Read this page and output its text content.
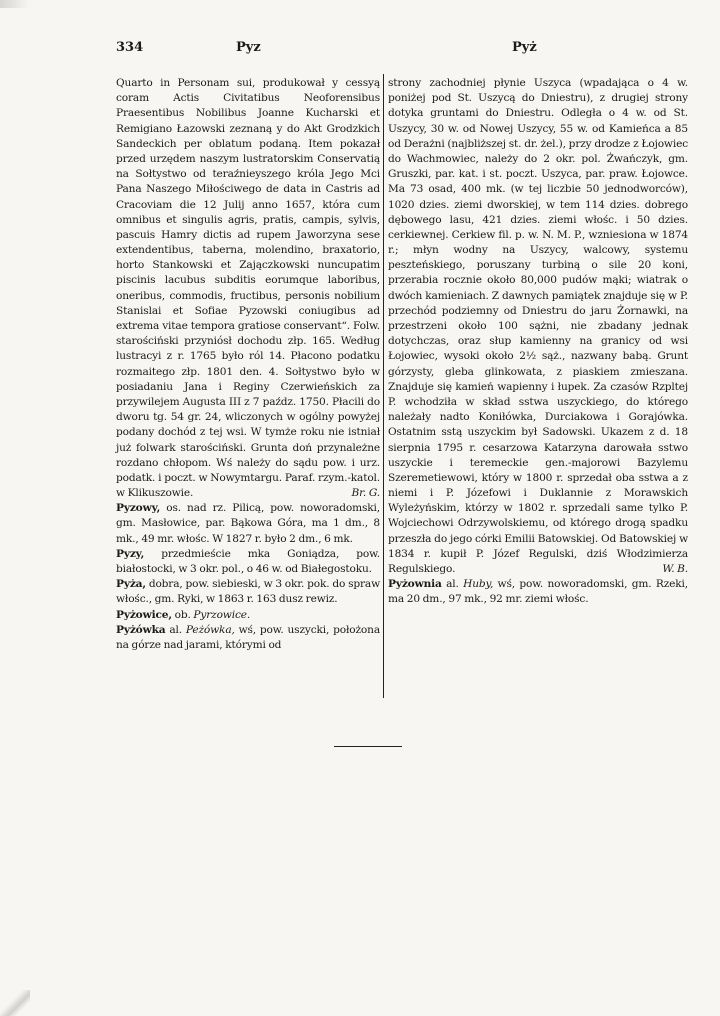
334	Pyz	Pyż

Quarto in Personam sui, produkował y cessyą coram Actis Civitatibus Neoforensibus Praesentibus Nobilibus Joanne Kucharski et Remigiano Łazowski zeznaną y do Akt Grodzkich Sandeckich per oblatum podaną. Item pokazał przed urzędem naszym lustratorskim Conservatią na Sołtystwo od teraźnieyszego króla Jego Mci Pana Naszego Miłościwego de data in Castris ad Cracoviam die 12 Julij anno 1657, która cum omnibus et singulis agris, pratis, campis, sylvis, pascuis Hamry dictis ad rupem Jaworzyna sese extendentibus, taberna, molendino, braxatorio, horto Stankowski et Zajączkowski nuncupatim piscinis lacubus subditis eorumque laboribus, oneribus, commodis, fructibus, personis nobilium Stanislai et Sofiae Pyzowski coniugibus ad extrema vitae tempora gratiose conservant“. Folw. starościński przyniósł dochodu złp. 165. Według lustracyi z r. 1765 było ról 14. Płacono podatku rozmaitego złp. 1801 den. 4. Sołtystwo było w posiadaniu Jana i Reginy Czerwieńskich za przywilejem Augusta III z 7 paźdz. 1750. Płacili do dworu tg. 54 gr. 24, wliczonych w ogólny powyżej podany dochód z tej wsi. W tymże roku nie istniał już folwark starościński. Grunta doń przynależne rozdano chłopom. Wś należy do sądu pow. i urz. podatk. i poczt. w Nowymtargu. Paraf. rzym.-katol. w Klikuszowie.	Br. G.

Pyzowy, os. nad rz. Pilicą, pow. noworadomski, gm. Masłowice, par. Bąkowa Góra, ma 1 dm., 8 mk., 49 mr. włośc. W 1827 r. było 2 dm., 6 mk.

Pyzy, przedmieście mka Goniądza, pow. białostocki, w 3 okr. pol., o 46 w. od Białegostoku.

Pyża, dobra, pow. siebieski, w 3 okr. pok. do spraw włośc., gm. Ryki, w 1863 r. 163 dusz rewiz.

Pyżowice, ob. Pyrzowice.

Pyżówka al. Peżówka, wś, pow. uszycki, położona na górze nad jarami, którymi od

strony zachodniej płynie Uszyca (wpadająca o 4 w. poniżej pod St. Uszycą do Dniestru), z drugiej strony dotyka gruntami do Dniestru. Odległa o 4 w. od St. Uszycy, 30 w. od Nowej Uszycy, 55 w. od Kamieńca a 85 od Derażni (najbliższej st. dr. żel.), przy drodze z Łojowiec do Wachmowiec, należy do 2 okr. pol. Żwańczyk, gm. Gruszki, par. kat. i st. poczt. Uszyca, par. praw. Łojowce. Ma 73 osad, 400 mk. (w tej liczbie 50 jednodworców), 1020 dzies. ziemi dworskiej, w tem 114 dzies. dobrego dębowego lasu, 421 dzies. ziemi włośc. i 50 dzies. cerkiewnej. Cerkiew fil. p. w. N. M. P., wzniesiona w 1874 r.; młyn wodny na Uszycy, walcowy, systemu peszteńskiego, poruszany turbiną o sile 20 koni, przerabia rocznie około 80,000 pudów mąki; wiatrak o dwóch kamieniach. Z dawnych pamiątek znajduje się w P. przechód podziemny od Dniestru do jaru Żornawki, na przestrzeni około 100 sążni, nie zbadany jednak dotychczas, oraz słup kamienny na granicy od wsi Łojowiec, wysoki około 2½ sąż., nazwany babą. Grunt górzysty, gleba glinkowata, z piaskiem zmieszana. Znajduje się kamień wapienny i łupek. Za czasów Rzpltej P. wchodziła w skład sstwa uszyckiego, do którego należały nadto Koniłówka, Durciakowa i Gorajówka. Ostatnim sstą uszyckim był Sadowski. Ukazem z d. 18 sierpnia 1795 r. cesarzowa Katarzyna darowała sstwo uszyckie i teremeckie gen.-majorowi Bazylemu Szeremetiewowi, który w 1800 r. sprzedał oba sstwa a z niemi i P. Józefowi i Duklannie z Morawskich Wyleżyńskim, którzy w 1802 r. sprzedali same tylko P. Wojciechowi Odrzywolskiemu, od którego drogą spadku przeszła do jego córki Emilii Batowskiej. Od Batowskiej w 1834 r. kupił P. Józef Regulski, dziś Włodzimierza Regulskiego.	W. B.

Pyżownia al. Huby, wś, pow. noworadomski, gm. Rzeki, ma 20 dm., 97 mk., 92 mr. ziemi włośc.
